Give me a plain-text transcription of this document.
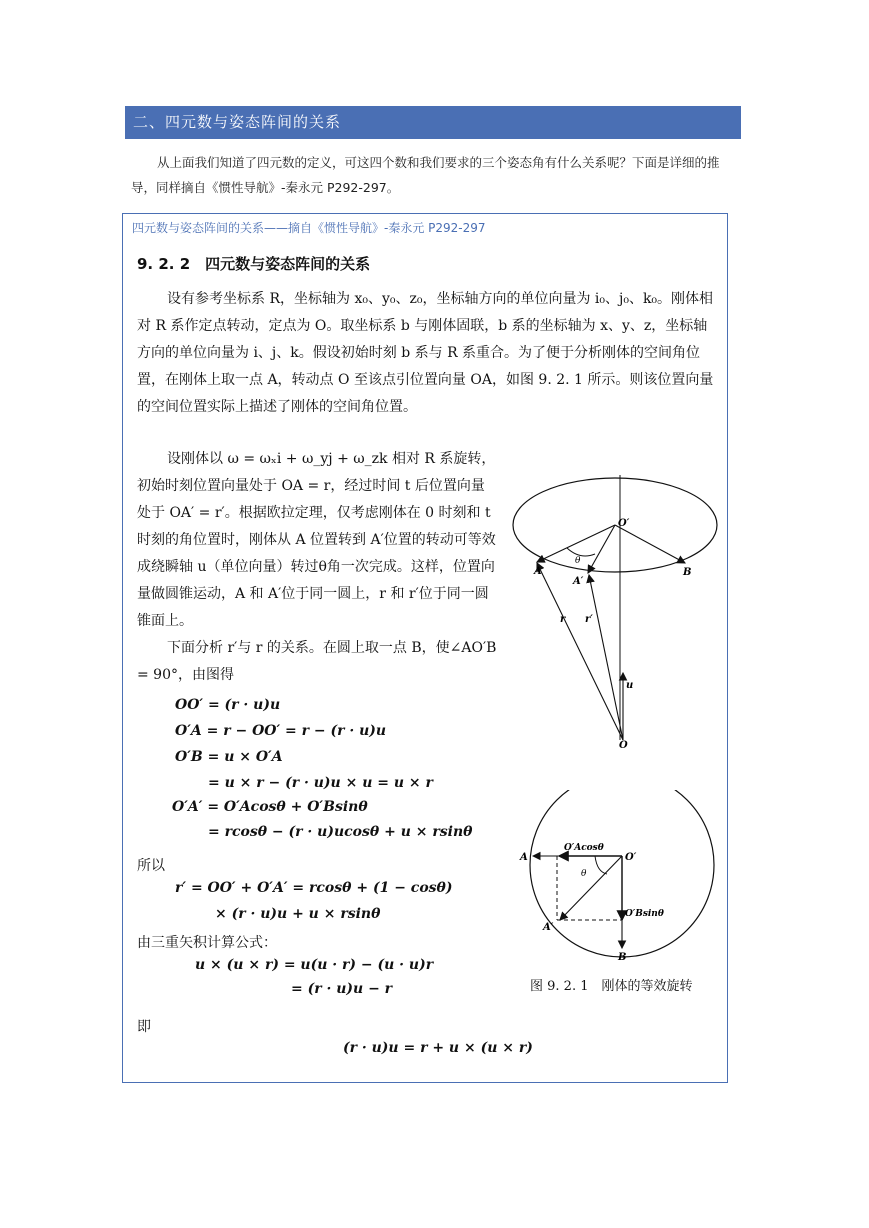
二、四元数与姿态阵间的关系
从上面我们知道了四元数的定义，可这四个数和我们要求的三个姿态角有什么关系呢？下面是详细的推导，同样摘自《惯性导航》-秦永元 P292-297。
四元数与姿态阵间的关系——摘自《惯性导航》-秦永元 P292-297
9. 2. 2　四元数与姿态阵间的关系
设有参考坐标系 R，坐标轴为 x₀、y₀、z₀，坐标轴方向的单位向量为 i₀、j₀、k₀。刚体相对 R 系作定点转动，定点为 O。取坐标系 b 与刚体固联，b 系的坐标轴为 x、y、z，坐标轴方向的单位向量为 i、j、k。假设初始时刻 b 系与 R 系重合。为了便于分析刚体的空间角位置，在刚体上取一点 A，转动点 O 至该点引位置向量 OA，如图 9. 2. 1 所示。则该位置向量的空间位置实际上描述了刚体的空间角位置。
设刚体以 ω = ωₓi + ω_yj + ω_zk 相对 R 系旋转，初始时刻位置向量处于 OA = r，经过时间 t 后位置向量处于 OA′ = r′。根据欧拉定理，仅考虑刚体在 0 时刻和 t 时刻的角位置时，刚体从 A 位置转到 A′位置的转动可等效成绕瞬轴 u（单位向量）转过θ角一次完成。这样，位置向量做圆锥运动，A 和 A′位于同一圆上，r 和 r′位于同一圆锥面上。
下面分析 r′与 r 的关系。在圆上取一点 B，使∠AO′B = 90°，由图得
OO′ = (r · u)u
O′A = r − OO′ = r − (r · u)u
O′B = u × O′A
= u × r − (r · u)u × u = u × r
O′A′ = O′Acosθ + O′Bsinθ
= rcosθ − (r · u)ucosθ + u × rsinθ
所以
r′ = OO′ + O′A′ = rcosθ + (1 − cosθ)
× (r · u)u + u × rsinθ
由三重矢积计算公式：
u × (u × r) = u(u · r) − (u · u)r
= (r · u)u − r
即
(r · u)u = r + u × (u × r)
图 9. 2. 1　刚体的等效旋转
O′
A
A′
B
θ
r r′
u
O
O′Acosθ
O′
A
θ
O′Bsinθ
A′
B
